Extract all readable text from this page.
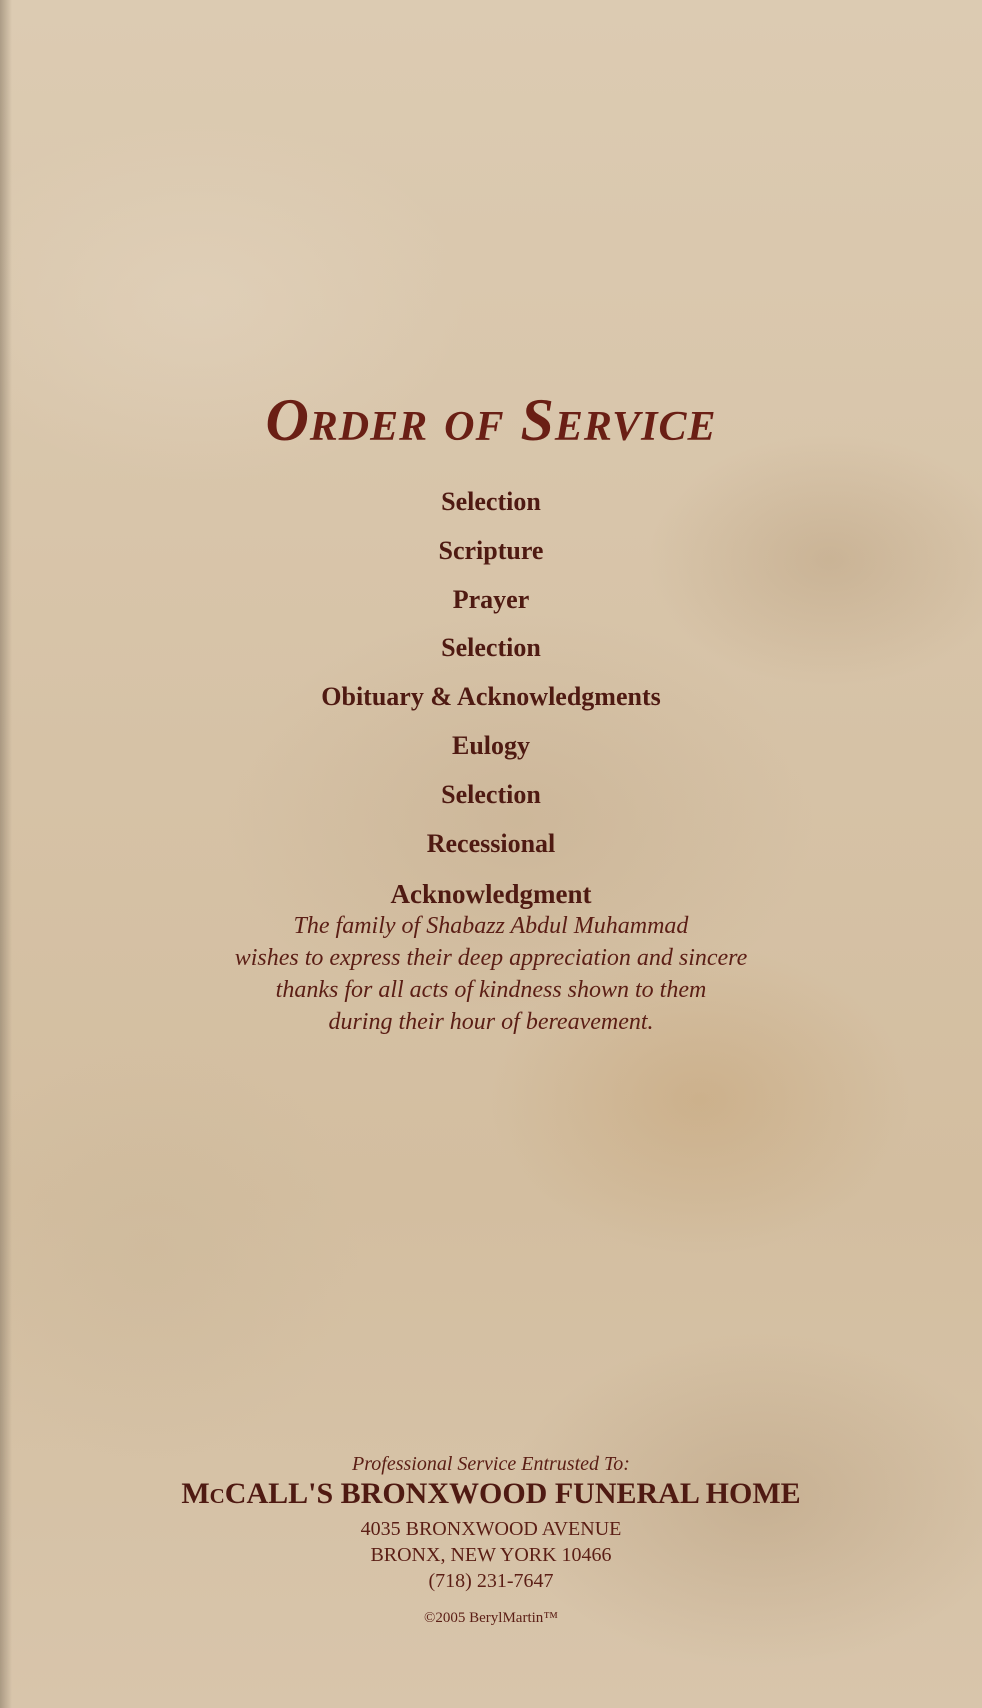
Order of Service
Selection
Scripture
Prayer
Selection
Obituary & Acknowledgments
Eulogy
Selection
Recessional
Acknowledgment
The family of Shabazz Abdul Muhammad
wishes to express their deep appreciation and sincere
thanks for all acts of kindness shown to them
during their hour of bereavement.
Professional Service Entrusted To:
McCALL'S BRONXWOOD FUNERAL HOME
4035 BRONXWOOD AVENUE
BRONX, NEW YORK 10466
(718) 231-7647
©2005 BerylMartin™
